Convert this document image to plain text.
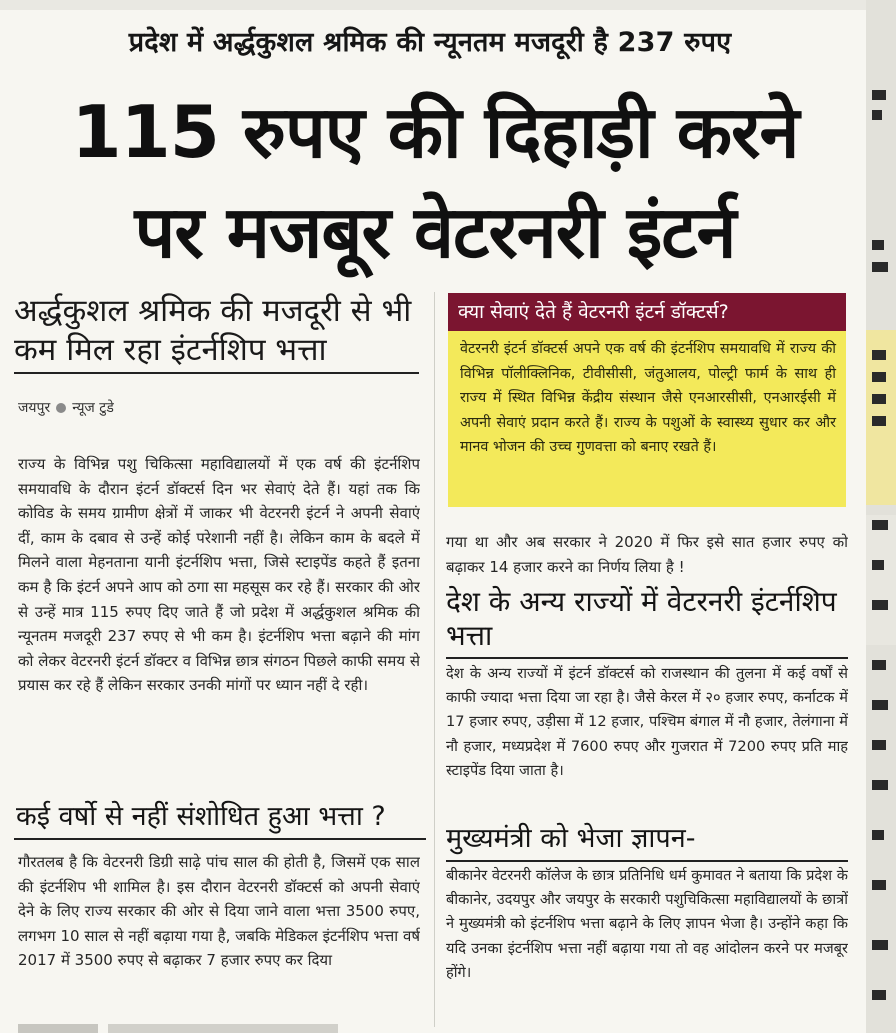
प्रदेश में अर्द्धकुशल श्रमिक की न्यूनतम मजदूरी है 237 रुपए
115 रुपए की दिहाड़ी करने
पर मजबूर वेटरनरी इंटर्न
अर्द्धकुशल श्रमिक की मजदूरी से भी
कम मिल रहा इंटर्नशिप भत्ता
जयपुर न्यूज टुडे
राज्य के विभिन्न पशु चिकित्सा महाविद्यालयों में एक वर्ष की इंटर्नशिप समयावधि के दौरान इंटर्न डॉक्टर्स दिन भर सेवाएं देते हैं। यहां तक कि कोविड के समय ग्रामीण क्षेत्रों में जाकर भी वेटरनरी इंटर्न ने अपनी सेवाएं दीं, काम के दबाव से उन्हें कोई परेशानी नहीं है। लेकिन काम के बदले में मिलने वाला मेहनताना यानी इंटर्नशिप भत्ता, जिसे स्टाइपेंड कहते हैं इतना कम है कि इंटर्न अपने आप को ठगा सा महसूस कर रहे हैं। सरकार की ओर से उन्हें मात्र 115 रुपए दिए जाते हैं जो प्रदेश में अर्द्धकुशल श्रमिक की न्यूनतम मजदूरी 237 रुपए से भी कम है। इंटर्नशिप भत्ता बढ़ाने की मांग को लेकर वेटरनरी इंटर्न डॉक्टर व विभिन्न छात्र संगठन पिछले काफी समय से प्रयास कर रहे हैं लेकिन सरकार उनकी मांगों पर ध्यान नहीं दे रही।
कई वर्षो से नहीं संशोधित हुआ भत्ता ?
गौरतलब है कि वेटरनरी डिग्री साढ़े पांच साल की होती है, जिसमें एक साल की इंटर्नशिप भी शामिल है। इस दौरान वेटरनरी डॉक्टर्स को अपनी सेवाएं देने के लिए राज्य सरकार की ओर से दिया जाने वाला भत्ता 3500 रुपए, लगभग 10 साल से नहीं बढ़ाया गया है, जबकि मेडिकल इंटर्नशिप भत्ता वर्ष 2017 में 3500 रुपए से बढ़ाकर 7 हजार रुपए कर दिया
क्या सेवाएं देते हैं वेटरनरी इंटर्न डॉक्टर्स?
वेटरनरी इंटर्न डॉक्टर्स अपने एक वर्ष की इंटर्नशिप समयावधि में राज्य की विभिन्न पॉलीक्लिनिक, टीवीसीसी, जंतुआलय, पोल्ट्री फार्म के साथ ही राज्य में स्थित विभिन्न केंद्रीय संस्थान जैसे एनआरसीसी, एनआरईसी में अपनी सेवाएं प्रदान करते हैं। राज्य के पशुओं के स्वास्थ्य सुधार कर और मानव भोजन की उच्च गुणवत्ता को बनाए रखते हैं।
गया था और अब सरकार ने 2020 में फिर इसे सात हजार रुपए को बढ़ाकर 14 हजार करने का निर्णय लिया है !
देश के अन्य राज्यों में वेटरनरी इंटर्नशिप भत्ता
देश के अन्य राज्यों में इंटर्न डॉक्टर्स को राजस्थान की तुलना में कई वर्षों से काफी ज्यादा भत्ता दिया जा रहा है। जैसे केरल में २० हजार रुपए, कर्नाटक में 17 हजार रुपए, उड़ीसा में 12 हजार, पश्चिम बंगाल में नौ हजार, तेलंगाना में नौ हजार, मध्यप्रदेश में 7600 रुपए और गुजरात में 7200 रुपए प्रति माह स्टाइपेंड दिया जाता है।
मुख्यमंत्री को भेजा ज्ञापन-
बीकानेर वेटरनरी कॉलेज के छात्र प्रतिनिधि धर्म कुमावत ने बताया कि प्रदेश के बीकानेर, उदयपुर और जयपुर के सरकारी पशुचिकित्सा महाविद्यालयों के छात्रों ने मुख्यमंत्री को इंटर्नशिप भत्ता बढ़ाने के लिए ज्ञापन भेजा है। उन्होंने कहा कि यदि उनका इंटर्नशिप भत्ता नहीं बढ़ाया गया तो वह आंदोलन करने पर मजबूर होंगे।
